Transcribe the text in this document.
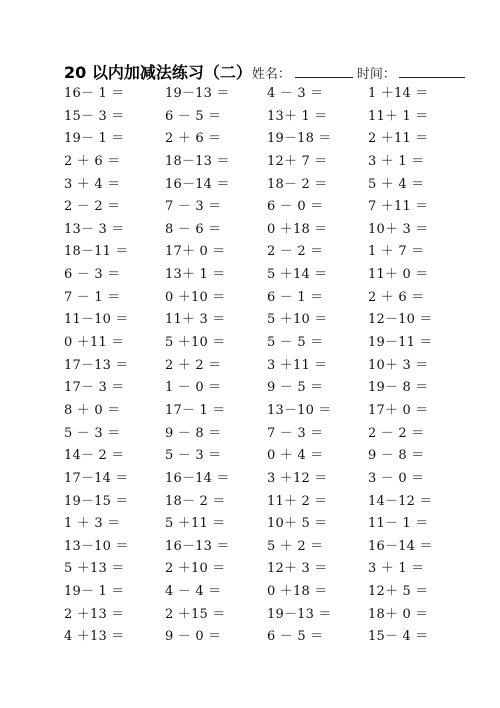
20 以内加减法练习（二） 姓名：	时间：
16－ 1 ＝	19－13 ＝	4 － 3 ＝	1 ＋14 ＝
15－ 3 ＝	6 － 5 ＝	13＋ 1 ＝	11＋ 1 ＝
19－ 1 ＝	2 ＋ 6 ＝	19－18 ＝	2 ＋11 ＝
2 ＋ 6 ＝	18－13 ＝	12＋ 7 ＝	3 ＋ 1 ＝
3 ＋ 4 ＝	16－14 ＝	18－ 2 ＝	5 ＋ 4 ＝
2 － 2 ＝	7 － 3 ＝	6 － 0 ＝	7 ＋11 ＝
13－ 3 ＝	8 － 6 ＝	0 ＋18 ＝	10＋ 3 ＝
18－11 ＝	17＋ 0 ＝	2 － 2 ＝	1 ＋ 7 ＝
6 － 3 ＝	13＋ 1 ＝	5 ＋14 ＝	11＋ 0 ＝
7 － 1 ＝	0 ＋10 ＝	6 － 1 ＝	2 ＋ 6 ＝
11－10 ＝	11＋ 3 ＝	5 ＋10 ＝	12－10 ＝
0 ＋11 ＝	5 ＋10 ＝	5 － 5 ＝	19－11 ＝
17－13 ＝	2 ＋ 2 ＝	3 ＋11 ＝	10＋ 3 ＝
17－ 3 ＝	1 － 0 ＝	9 － 5 ＝	19－ 8 ＝
8 ＋ 0 ＝	17－ 1 ＝	13－10 ＝	17＋ 0 ＝
5 － 3 ＝	9 － 8 ＝	7 － 3 ＝	2 － 2 ＝
14－ 2 ＝	5 － 3 ＝	0 ＋ 4 ＝	9 － 8 ＝
17－14 ＝	16－14 ＝	3 ＋12 ＝	3 － 0 ＝
19－15 ＝	18－ 2 ＝	11＋ 2 ＝	14－12 ＝
1 ＋ 3 ＝	5 ＋11 ＝	10＋ 5 ＝	11－ 1 ＝
13－10 ＝	16－13 ＝	5 ＋ 2 ＝	16－14 ＝
5 ＋13 ＝	2 ＋10 ＝	12＋ 3 ＝	3 ＋ 1 ＝
19－ 1 ＝	4 － 4 ＝	0 ＋18 ＝	12＋ 5 ＝
2 ＋13 ＝	2 ＋15 ＝	19－13 ＝	18＋ 0 ＝
4 ＋13 ＝	9 － 0 ＝	6 － 5 ＝	15－ 4 ＝
